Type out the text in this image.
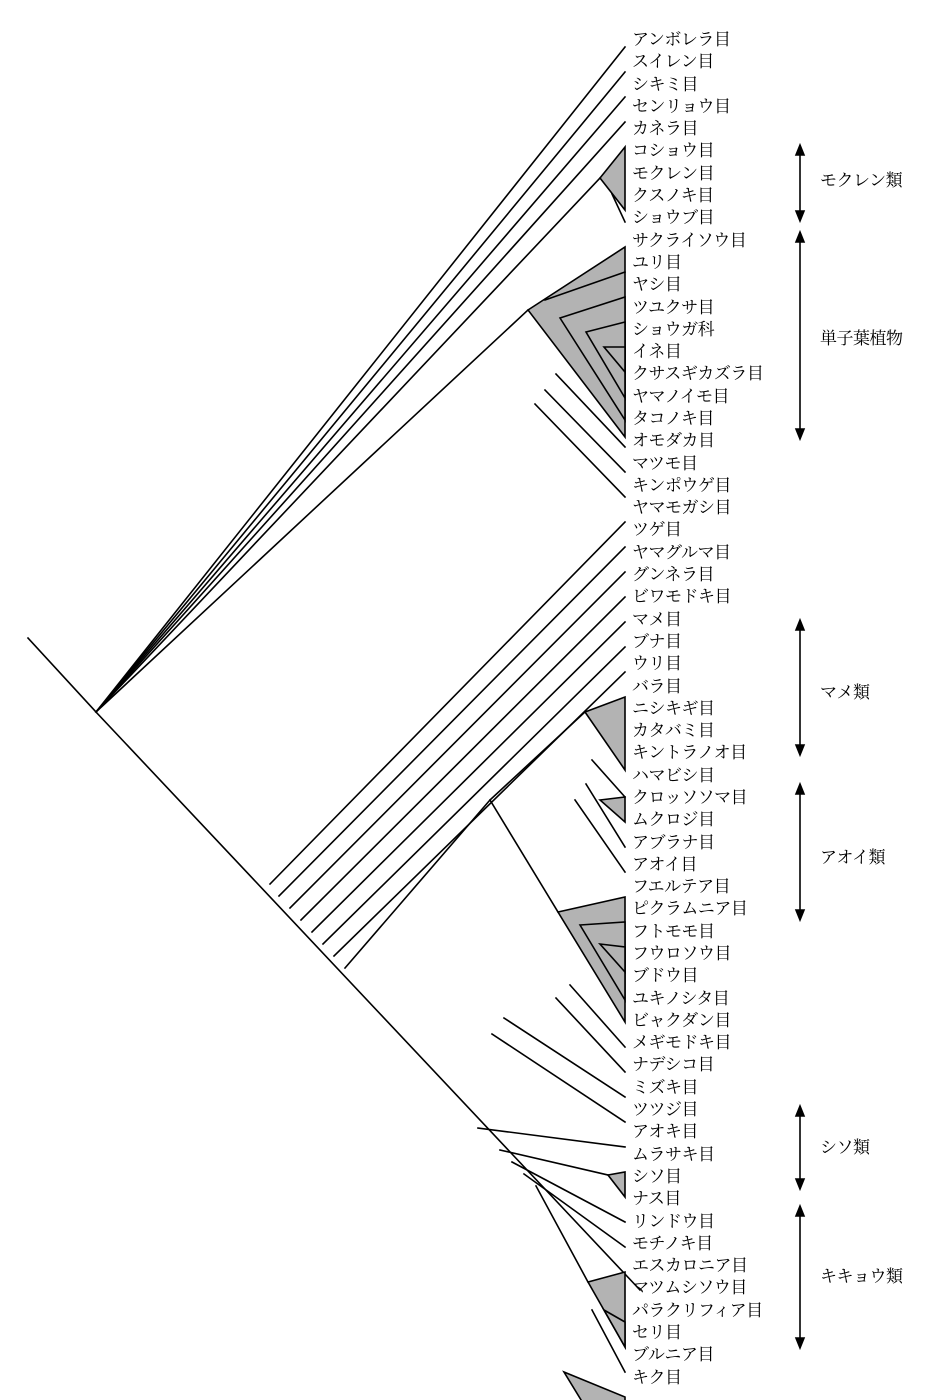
アンボレラ目
スイレン目
シキミ目
センリョウ目
カネラ目
コショウ目
モクレン目
クスノキ目
ショウブ目
サクライソウ目
ユリ目
ヤシ目
ツユクサ目
ショウガ科
イネ目
クサスギカズラ目
ヤマノイモ目
タコノキ目
オモダカ目
マツモ目
キンポウゲ目
ヤマモガシ目
ツゲ目
ヤマグルマ目
グンネラ目
ビワモドキ目
マメ目
ブナ目
ウリ目
バラ目
ニシキギ目
カタバミ目
キントラノオ目
ハマビシ目
クロッソソマ目
ムクロジ目
アブラナ目
アオイ目
フエルテア目
ピクラムニア目
フトモモ目
フウロソウ目
ブドウ目
ユキノシタ目
ビャクダン目
メギモドキ目
ナデシコ目
ミズキ目
ツツジ目
アオキ目
ムラサキ目
シソ目
ナス目
リンドウ目
モチノキ目
エスカロニア目
マツムシソウ目
パラクリフィア目
セリ目
ブルニア目
キク目
モクレン類
単子葉植物
マメ類
アオイ類
シソ類
キキョウ類
